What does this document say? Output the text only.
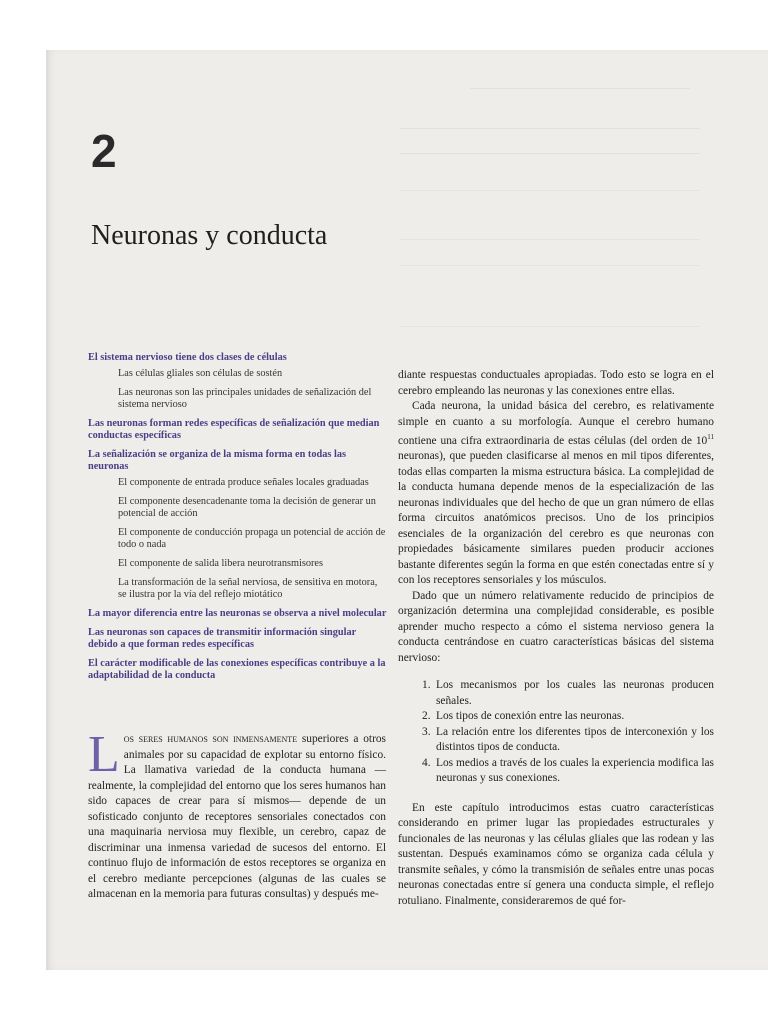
2
Neuronas y conducta
El sistema nervioso tiene dos clases de células
Las células gliales son células de sostén
Las neuronas son las principales unidades de señalización del sistema nervioso
Las neuronas forman redes específicas de señalización que median conductas específicas
La señalización se organiza de la misma forma en todas las neuronas
El componente de entrada produce señales locales graduadas
El componente desencadenante toma la decisión de generar un potencial de acción
El componente de conducción propaga un potencial de acción de todo o nada
El componente de salida libera neurotransmisores
La transformación de la señal nerviosa, de sensitiva en motora, se ilustra por la vía del reflejo miotático
La mayor diferencia entre las neuronas se observa a nivel molecular
Las neuronas son capaces de transmitir información singular debido a que forman redes específicas
El carácter modificable de las conexiones específicas contribuye a la adaptabilidad de la conducta

Los seres humanos son inmensamente superiores a otros animales por su capacidad de explotar su entorno físico. La llamativa variedad de la conducta humana —realmente, la complejidad del entorno que los seres humanos han sido capaces de crear para sí mismos— depende de un sofisticado conjunto de receptores sensoriales conectados con una maquinaria nerviosa muy flexible, un cerebro, capaz de discriminar una inmensa variedad de sucesos del entorno. El continuo flujo de información de estos receptores se organiza en el cerebro mediante percepciones (algunas de las cuales se almacenan en la memoria para futuras consultas) y después me-

diante respuestas conductuales apropiadas. Todo esto se logra en el cerebro empleando las neuronas y las conexiones entre ellas.

Cada neurona, la unidad básica del cerebro, es relativamente simple en cuanto a su morfología. Aunque el cerebro humano contiene una cifra extraordinaria de estas células (del orden de $10^{11}$ neuronas), que pueden clasificarse al menos en mil tipos diferentes, todas ellas comparten la misma estructura básica. La complejidad de la conducta humana depende menos de la especialización de las neuronas individuales que del hecho de que un gran número de ellas forma circuitos anatómicos precisos. Uno de los principios esenciales de la organización del cerebro es que neuronas con propiedades básicamente similares pueden producir acciones bastante diferentes según la forma en que estén conectadas entre sí y con los receptores sensoriales y los músculos.

Dado que un número relativamente reducido de principios de organización determina una complejidad considerable, es posible aprender mucho respecto a cómo el sistema nervioso genera la conducta centrándose en cuatro características básicas del sistema nervioso:

1. Los mecanismos por los cuales las neuronas producen señales.
2. Los tipos de conexión entre las neuronas.
3. La relación entre los diferentes tipos de interconexión y los distintos tipos de conducta.
4. Los medios a través de los cuales la experiencia modifica las neuronas y sus conexiones.

En este capítulo introducimos estas cuatro características considerando en primer lugar las propiedades estructurales y funcionales de las neuronas y las células gliales que las rodean y las sustentan. Después examinamos cómo se organiza cada célula y transmite señales, y cómo la transmisión de señales entre unas pocas neuronas conectadas entre sí genera una conducta simple, el reflejo rotuliano. Finalmente, consideraremos de qué for-
